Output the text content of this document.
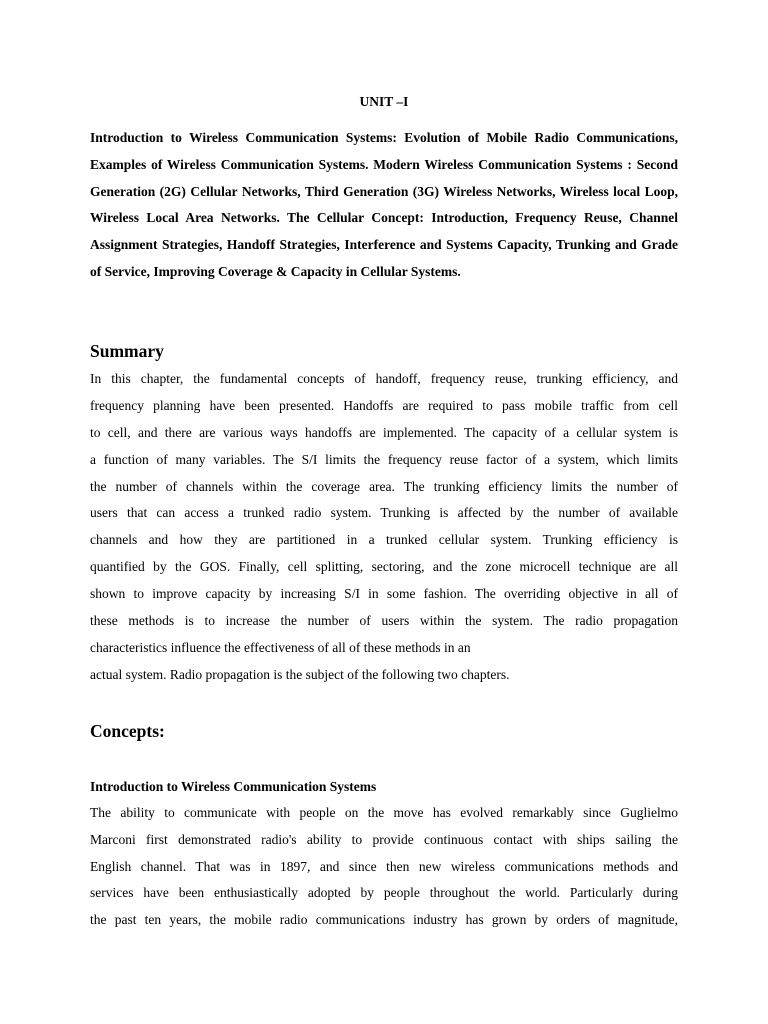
UNIT –I

Introduction to Wireless Communication Systems: Evolution of Mobile Radio Communications, Examples of Wireless Communication Systems. Modern Wireless Communication Systems : Second Generation (2G) Cellular Networks, Third Generation (3G) Wireless Networks, Wireless local Loop, Wireless Local Area Networks. The Cellular Concept: Introduction, Frequency Reuse, Channel Assignment Strategies, Handoff Strategies, Interference and Systems Capacity, Trunking and Grade of Service, Improving Coverage & Capacity in Cellular Systems.

Summary
In this chapter, the fundamental concepts of handoff, frequency reuse, trunking efficiency, and
frequency planning have been presented. Handoffs are required to pass mobile traffic from cell
to cell, and there are various ways handoffs are implemented. The capacity of a cellular system is
a function of many variables. The S/I limits the frequency reuse factor of a system, which limits
the number of channels within the coverage area. The trunking efficiency limits the number of
users that can access a trunked radio system. Trunking is affected by the number of available
channels and how they are partitioned in a trunked cellular system. Trunking efficiency is
quantified by the GOS. Finally, cell splitting, sectoring, and the zone microcell technique are all
shown to improve capacity by increasing S/I in some fashion. The overriding objective in all of
these methods is to increase the number of users within the system. The radio propagation
characteristics influence the effectiveness of all of these methods in an
actual system. Radio propagation is the subject of the following two chapters.
Concepts:
Introduction to Wireless Communication Systems
The ability to communicate with people on the move has evolved remarkably since Guglielmo
Marconi first demonstrated radio's ability to provide continuous contact with ships sailing the
English channel. That was in 1897, and since then new wireless communications methods and
services have been enthusiastically adopted by people throughout the world. Particularly during
the past ten years, the mobile radio communications industry has grown by orders of magnitude,
